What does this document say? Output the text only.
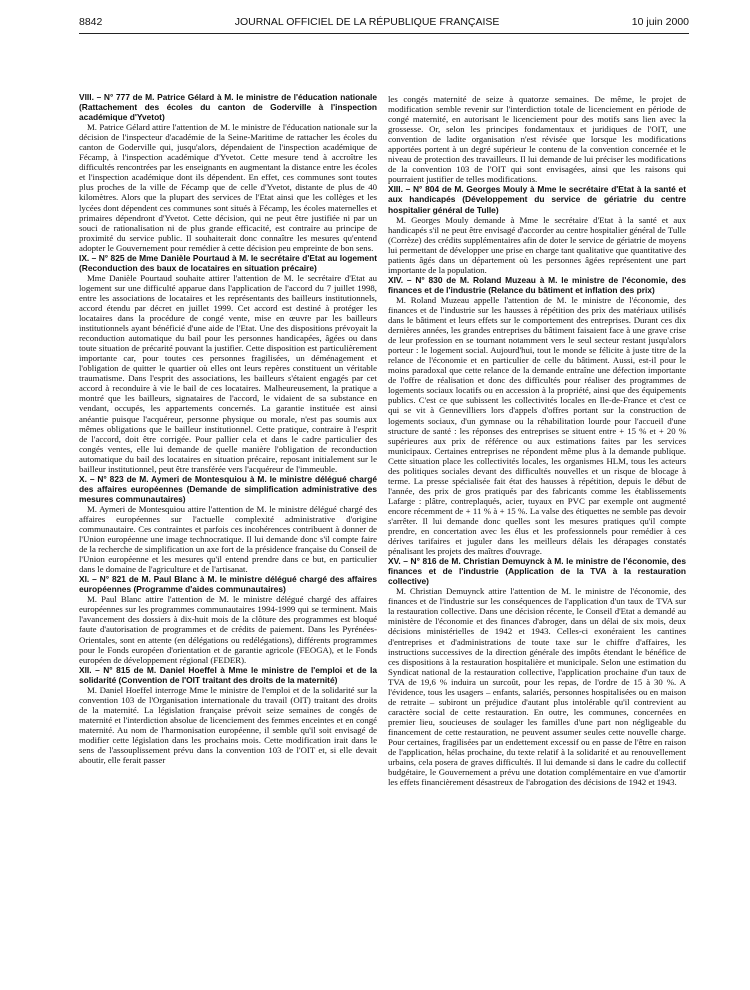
8842	JOURNAL OFFICIEL DE LA RÉPUBLIQUE FRANÇAISE	10 juin 2000

VIII. – N° 777 de M. Patrice Gélard à M. le ministre de l'éducation nationale (Rattachement des écoles du canton de Goderville à l'inspection académique d'Yvetot)

M. Patrice Gélard attire l'attention de M. le ministre de l'éducation nationale sur la décision de l'inspecteur d'académie de la Seine-Maritime de rattacher les écoles du canton de Goderville qui, jusqu'alors, dépendaient de l'inspection académique de Fécamp, à l'inspection académique d'Yvetot. Cette mesure tend à accroître les difficultés rencontrées par les enseignants en augmentant la distance entre les écoles et l'inspection académique dont ils dépendent. En effet, ces communes sont toutes plus proches de la ville de Fécamp que de celle d'Yvetot, distante de plus de 40 kilomètres. Alors que la plupart des services de l'Etat ainsi que les collèges et les lycées dont dépendent ces communes sont situés à Fécamp, les écoles maternelles et primaires dépendront d'Yvetot. Cette décision, qui ne peut être justifiée ni par un souci de rationalisation ni de plus grande efficacité, est contraire au principe de proximité du service public. Il souhaiterait donc connaître les mesures qu'entend adopter le Gouvernement pour remédier à cette décision peu empreinte de bon sens.

IX. – N° 825 de Mme Danièle Pourtaud à M. le secrétaire d'Etat au logement (Reconduction des baux de locataires en situation précaire)

Mme Danièle Pourtaud souhaite attirer l'attention de M. le secrétaire d'Etat au logement sur une difficulté apparue dans l'application de l'accord du 7 juillet 1998, entre les associations de locataires et les représentants des bailleurs institutionnels, accord étendu par décret en juillet 1999. Cet accord est destiné à protéger les locataires dans la procédure de congé vente, mise en œuvre par les bailleurs institutionnels ayant bénéficié d'une aide de l'Etat. Une des dispositions prévoyait la reconduction automatique du bail pour les personnes handicapées, âgées ou dans toute situation de précarité pouvant la justifier. Cette disposition est particulièrement importante car, pour toutes ces personnes fragilisées, un déménagement et l'obligation de quitter le quartier où elles ont leurs repères constituent un véritable traumatisme. Dans l'esprit des associations, les bailleurs s'étaient engagés par cet accord à reconduire à vie le bail de ces locataires. Malheureusement, la pratique a montré que les bailleurs, signataires de l'accord, le vidaient de sa substance en vendant, occupés, les appartements concernés. La garantie instituée est ainsi anéantie puisque l'acquéreur, personne physique ou morale, n'est pas soumis aux mêmes obligations que le bailleur institutionnel. Cette pratique, contraire à l'esprit de l'accord, doit être corrigée. Pour pallier cela et dans le cadre particulier des congés ventes, elle lui demande de quelle manière l'obligation de reconduction automatique du bail des locataires en situation précaire, reposant initialement sur le bailleur institutionnel, peut être transférée vers l'acquéreur de l'immeuble.

X. – N° 823 de M. Aymeri de Montesquiou à M. le ministre délégué chargé des affaires européennes (Demande de simplification administrative des mesures communautaires)

M. Aymeri de Montesquiou attire l'attention de M. le ministre délégué chargé des affaires européennes sur l'actuelle complexité administrative d'origine communautaire. Ces contraintes et parfois ces incohérences contribuent à donner de l'Union européenne une image technocratique. Il lui demande donc s'il compte faire de la recherche de simplification un axe fort de la présidence française du Conseil de l'Union européenne et les mesures qu'il entend prendre dans ce but, en particulier dans le domaine de l'agriculture et de l'artisanat.

XI. – N° 821 de M. Paul Blanc à M. le ministre délégué chargé des affaires européennes (Programme d'aides communautaires)

M. Paul Blanc attire l'attention de M. le ministre délégué chargé des affaires européennes sur les programmes communautaires 1994-1999 qui se terminent. Mais l'avancement des dossiers à dix-huit mois de la clôture des programmes est bloqué faute d'autorisation de programmes et de crédits de paiement. Dans les Pyrénées-Orientales, sont en attente (en délégations ou redélégations), différents programmes pour le Fonds européen d'orientation et de garantie agricole (FEOGA), et le Fonds européen de développement régional (FEDER).

XII. – N° 815 de M. Daniel Hoeffel à Mme le ministre de l'emploi et de la solidarité (Convention de l'OIT traitant des droits de la maternité)

M. Daniel Hoeffel interroge Mme le ministre de l'emploi et de la solidarité sur la convention 103 de l'Organisation internationale du travail (OIT) traitant des droits de la maternité. La législation française prévoit seize semaines de congés de maternité et l'interdiction absolue de licenciement des femmes enceintes et en congé maternité. Au nom de l'harmonisation européenne, il semble qu'il soit envisagé de modifier cette législation dans les prochains mois. Cette modification irait dans le sens de l'assouplissement prévu dans la convention 103 de l'OIT et, si elle devait aboutir, elle ferait passer

les congés maternité de seize à quatorze semaines. De même, le projet de modification semble revenir sur l'interdiction totale de licenciement en période de congé maternité, en autorisant le licenciement pour des motifs sans lien avec la grossesse. Or, selon les principes fondamentaux et juridiques de l'OIT, une convention de ladite organisation n'est révisée que lorsque les modifications apportées portent à un degré supérieur le contenu de la convention concernée et le niveau de protection des travailleurs. Il lui demande de lui préciser les modifications de la convention 103 de l'OIT qui sont envisagées, ainsi que les raisons qui pourraient justifier de telles modifications.

XIII. – N° 804 de M. Georges Mouly à Mme le secrétaire d'Etat à la santé et aux handicapés (Développement du service de gériatrie du centre hospitalier général de Tulle)

M. Georges Mouly demande à Mme le secrétaire d'Etat à la santé et aux handicapés s'il ne peut être envisagé d'accorder au centre hospitalier général de Tulle (Corrèze) des crédits supplémentaires afin de doter le service de gériatrie de moyens lui permettant de développer une prise en charge tant qualitative que quantitative des patients âgés dans un département où les personnes âgées représentent une part importante de la population.

XIV. – N° 830 de M. Roland Muzeau à M. le ministre de l'économie, des finances et de l'industrie (Relance du bâtiment et inflation des prix)

M. Roland Muzeau appelle l'attention de M. le ministre de l'économie, des finances et de l'industrie sur les hausses à répétition des prix des matériaux utilisés dans le bâtiment et leurs effets sur le comportement des entreprises. Durant ces dix dernières années, les grandes entreprises du bâtiment faisaient face à une grave crise de leur profession en se tournant notamment vers le seul secteur restant jusqu'alors porteur : le logement social. Aujourd'hui, tout le monde se félicite à juste titre de la relance de l'économie et en particulier de celle du bâtiment. Aussi, est-il pour le moins paradoxal que cette relance de la demande entraîne une défection importante de l'offre de réalisation et donc des difficultés pour réaliser des programmes de logements sociaux locatifs ou en accession à la propriété, ainsi que des équipements publics. C'est ce que subissent les collectivités locales en Ile-de-France et c'est ce qui se vit à Gennevilliers lors d'appels d'offres portant sur la construction de logements sociaux, d'un gymnase ou la réhabilitation lourde pour l'accueil d'une structure de santé : les réponses des entreprises se situent entre + 15 % et + 20 % supérieures aux prix de référence ou aux estimations faites par les services municipaux. Certaines entreprises ne répondent même plus à la demande publique. Cette situation place les collectivités locales, les organismes HLM, tous les acteurs des politiques sociales devant des difficultés nouvelles et un risque de blocage à terme. La presse spécialisée fait état des hausses à répétition, depuis le début de l'année, des prix de gros pratiqués par des fabricants comme les établissements Lafarge : plâtre, contreplaqués, acier, tuyaux en PVC par exemple ont augmenté encore récemment de + 11 % à + 15 %. La valse des étiquettes ne semble pas devoir s'arrêter. Il lui demande donc quelles sont les mesures pratiques qu'il compte prendre, en concertation avec les élus et les professionnels pour remédier à ces dérives tarifaires et juguler dans les meilleurs délais les dérapages constatés pénalisant les projets des maîtres d'ouvrage.

XV. – N° 816 de M. Christian Demuynck à M. le ministre de l'économie, des finances et de l'industrie (Application de la TVA à la restauration collective)

M. Christian Demuynck attire l'attention de M. le ministre de l'économie, des finances et de l'industrie sur les conséquences de l'application d'un taux de TVA sur la restauration collective. Dans une décision récente, le Conseil d'Etat a demandé au ministère de l'économie et des finances d'abroger, dans un délai de six mois, deux décisions ministérielles de 1942 et 1943. Celles-ci exonéraient les cantines d'entreprises et d'administrations de toute taxe sur le chiffre d'affaires, les instructions successives de la direction générale des impôts étendant le bénéfice de ces dispositions à la restauration hospitalière et municipale. Selon une estimation du Syndicat national de la restauration collective, l'application prochaine d'un taux de TVA de 19,6 % induira un surcoût, pour les repas, de l'ordre de 15 à 30 %. A l'évidence, tous les usagers – enfants, salariés, personnes hospitalisées ou en maison de retraite – subiront un préjudice d'autant plus intolérable qu'il contrevient au caractère social de cette restauration. En outre, les communes, concernées en premier lieu, soucieuses de soulager les familles d'une part non négligeable du financement de cette restauration, ne peuvent assumer seules cette nouvelle charge. Pour certaines, fragilisées par un endettement excessif ou en passe de l'être en raison de l'application, hélas prochaine, du texte relatif à la solidarité et au renouvellement urbains, cela posera de graves difficultés. Il lui demande si dans le cadre du collectif budgétaire, le Gouvernement a prévu une dotation complémentaire en vue d'amortir les effets financièrement désastreux de l'abrogation des décisions de 1942 et 1943.
